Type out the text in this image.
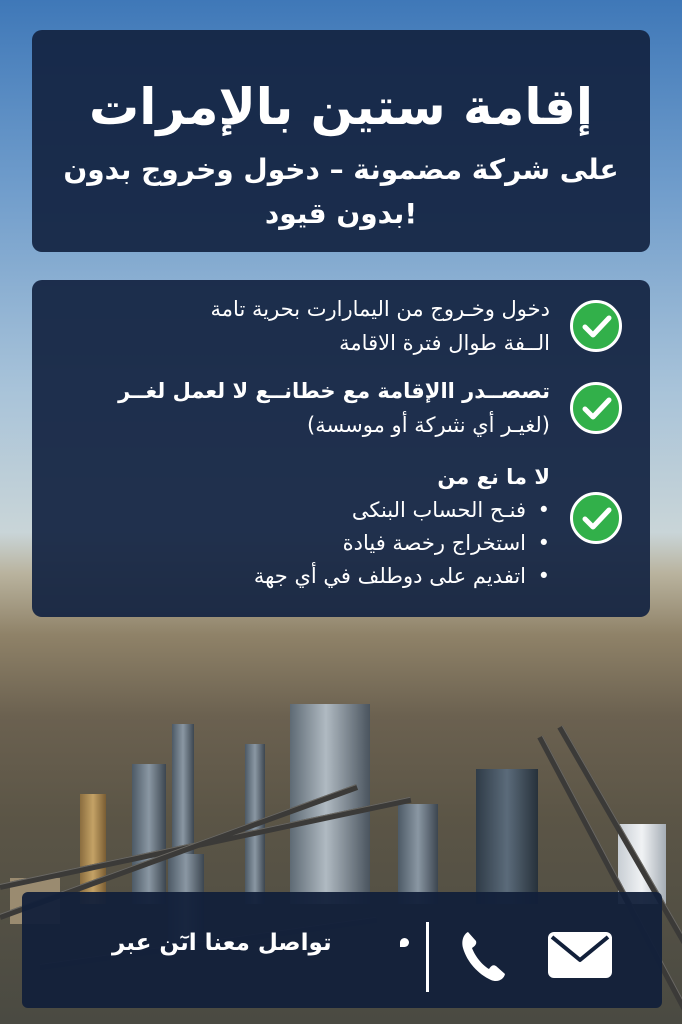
إقامة ستين بالإمرات
على شركة مضمونة – دخول وخروج بدون بدون قيود!
دخول وخـروج من اليمارارت بحرية تامة
الــفة طوال فترة الاقامة
تصصــدر االإقامة مع خطانــع لا لعمل لغــر
(لغيـر أي نثىركة أو موسسة)
لا ما نع من
• فنـح الحساب البنكى
• استخراج رخصة فيادة
• اتفديم على دوطلف في أي جهة
تواصل معنا اىٓن عبر
